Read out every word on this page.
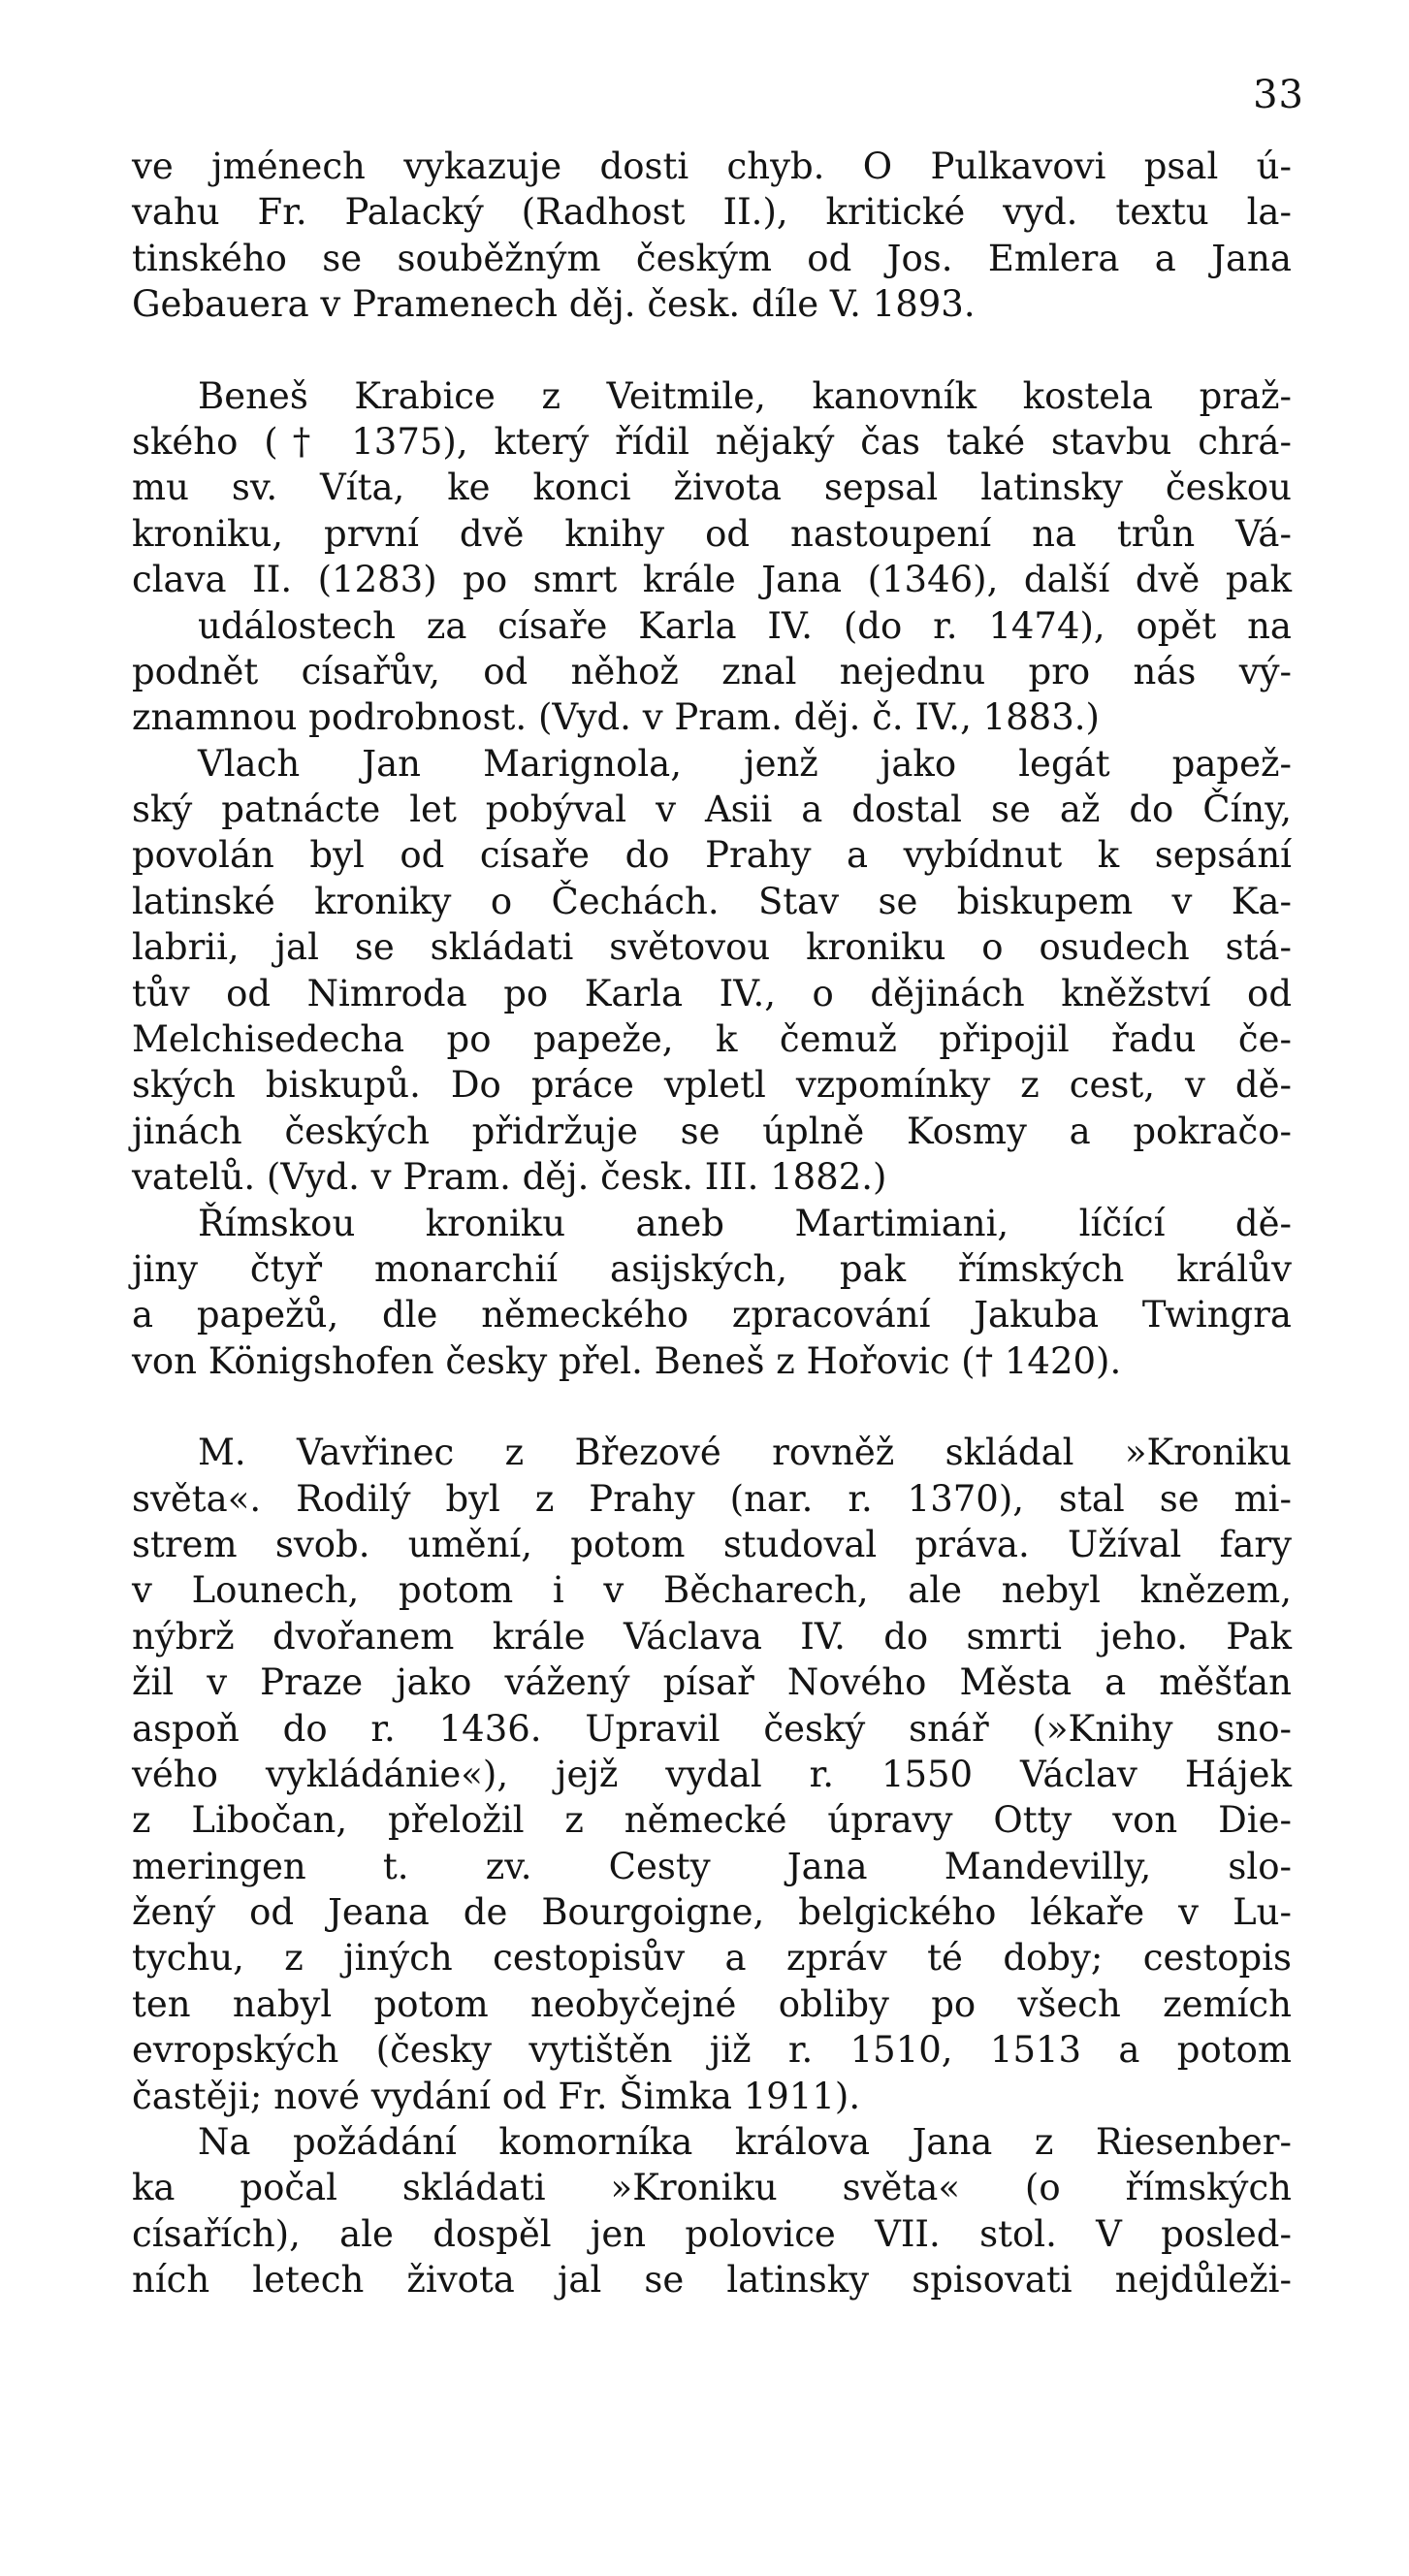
33
ve jménech vykazuje dosti chyb. O Pulkavovi psal ú-
vahu Fr. Palacký (Radhost II.), kritické vyd. textu la-
tinského se souběžným českým od Jos. Emlera a Jana
Gebauera v Pramenech děj. česk. díle V. 1893.
Beneš Krabice z Veitmile, kanovník kostela praž-
ského († 1375), který řídil nějaký čas také stavbu chrá-
mu sv. Víta, ke konci života sepsal latinsky českou
kroniku, první dvě knihy od nastoupení na trůn Vá-
clava II. (1283) po smrt krále Jana (1346), další dvě pak
událostech za císaře Karla IV. (do r. 1474), opět na
podnět císařův, od něhož znal nejednu pro nás vý-
znamnou podrobnost. (Vyd. v Pram. děj. č. IV., 1883.)
Vlach Jan Marignola, jenž jako legát papež-
ský patnácte let pobýval v Asii a dostal se až do Číny,
povolán byl od císaře do Prahy a vybídnut k sepsání
latinské kroniky o Čechách. Stav se biskupem v Ka-
labrii, jal se skládati světovou kroniku o osudech stá-
tův od Nimroda po Karla IV., o dějinách kněžství od
Melchisedecha po papeže, k čemuž připojil řadu če-
ských biskupů. Do práce vpletl vzpomínky z cest, v dě-
jinách českých přidržuje se úplně Kosmy a pokračo-
vatelů. (Vyd. v Pram. děj. česk. III. 1882.)
Římskou kroniku aneb Martimiani, líčící dě-
jiny čtyř monarchií asijských, pak římských králův
a papežů, dle německého zpracování Jakuba Twingra
von Königshofen česky přel. Beneš z Hořovic († 1420).
M. Vavřinec z Březové rovněž skládal »Kroniku
světa«. Rodilý byl z Prahy (nar. r. 1370), stal se mi-
strem svob. umění, potom studoval práva. Užíval fary
v Lounech, potom i v Běcharech, ale nebyl knězem,
nýbrž dvořanem krále Václava IV. do smrti jeho. Pak
žil v Praze jako vážený písař Nového Města a měšťan
aspoň do r. 1436. Upravil český snář (»Knihy sno-
vého vykládánie«), jejž vydal r. 1550 Václav Hájek
z Libočan, přeložil z německé úpravy Otty von Die-
meringen t. zv. Cesty Jana Mandevilly, slo-
žený od Jeana de Bourgoigne, belgického lékaře v Lu-
tychu, z jiných cestopisův a zpráv té doby; cestopis
ten nabyl potom neobyčejné obliby po všech zemích
evropských (česky vytištěn již r. 1510, 1513 a potom
častěji; nové vydání od Fr. Šimka 1911).
Na požádání komorníka králova Jana z Riesenber-
ka počal skládati »Kroniku světa« (o římských
císařích), ale dospěl jen polovice VII. stol. V posled-
ních letech života jal se latinsky spisovati nejdůleži-
